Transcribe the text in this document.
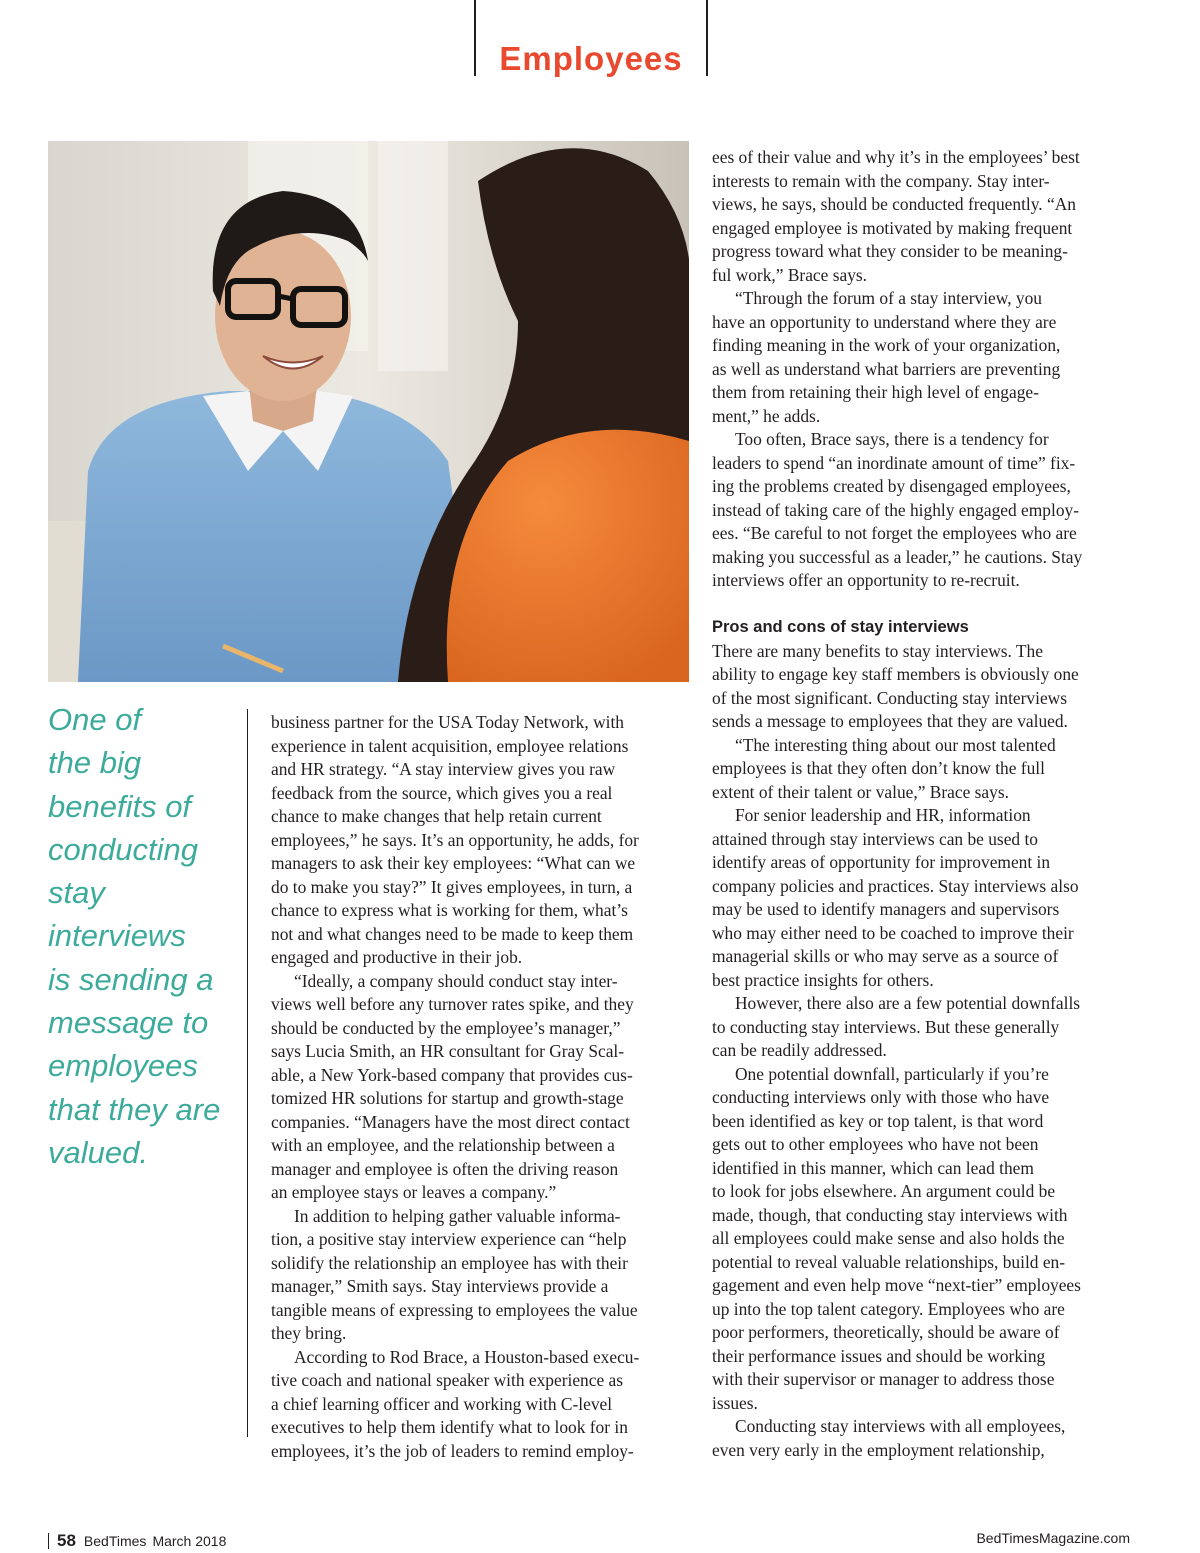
Employees
One of
the big
benefits of
conducting
stay
interviews
is sending a
message to
employees
that they are
valued.
business partner for the USA Today Network, with
experience in talent acquisition, employee relations
and HR strategy. “A stay interview gives you raw
feedback from the source, which gives you a real
chance to make changes that help retain current
employees,” he says. It’s an opportunity, he adds, for
managers to ask their key employees: “What can we
do to make you stay?” It gives employees, in turn, a
chance to express what is working for them, what’s
not and what changes need to be made to keep them
engaged and productive in their job.
“Ideally, a company should conduct stay inter-
views well before any turnover rates spike, and they
should be conducted by the employee’s manager,”
says Lucia Smith, an HR consultant for Gray Scal-
able, a New York-based company that provides cus-
tomized HR solutions for startup and growth-stage
companies. “Managers have the most direct contact
with an employee, and the relationship between a
manager and employee is often the driving reason
an employee stays or leaves a company.”
In addition to helping gather valuable informa-
tion, a positive stay interview experience can “help
solidify the relationship an employee has with their
manager,” Smith says. Stay interviews provide a
tangible means of expressing to employees the value
they bring.
According to Rod Brace, a Houston-based execu-
tive coach and national speaker with experience as
a chief learning officer and working with C-level
executives to help them identify what to look for in
employees, it’s the job of leaders to remind employ-
ees of their value and why it’s in the employees’ best
interests to remain with the company. Stay inter-
views, he says, should be conducted frequently. “An
engaged employee is motivated by making frequent
progress toward what they consider to be meaning-
ful work,” Brace says.
“Through the forum of a stay interview, you
have an opportunity to understand where they are
finding meaning in the work of your organization,
as well as understand what barriers are preventing
them from retaining their high level of engage-
ment,” he adds.
Too often, Brace says, there is a tendency for
leaders to spend “an inordinate amount of time” fix-
ing the problems created by disengaged employees,
instead of taking care of the highly engaged employ-
ees. “Be careful to not forget the employees who are
making you successful as a leader,” he cautions. Stay
interviews offer an opportunity to re-recruit.
Pros and cons of stay interviews
There are many benefits to stay interviews. The
ability to engage key staff members is obviously one
of the most significant. Conducting stay interviews
sends a message to employees that they are valued.
“The interesting thing about our most talented
employees is that they often don’t know the full
extent of their talent or value,” Brace says.
For senior leadership and HR, information
attained through stay interviews can be used to
identify areas of opportunity for improvement in
company policies and practices. Stay interviews also
may be used to identify managers and supervisors
who may either need to be coached to improve their
managerial skills or who may serve as a source of
best practice insights for others.
However, there also are a few potential downfalls
to conducting stay interviews. But these generally
can be readily addressed.
One potential downfall, particularly if you’re
conducting interviews only with those who have
been identified as key or top talent, is that word
gets out to other employees who have not been
identified in this manner, which can lead them
to look for jobs elsewhere. An argument could be
made, though, that conducting stay interviews with
all employees could make sense and also holds the
potential to reveal valuable relationships, build en-
gagement and even help move “next-tier” employees
up into the top talent category. Employees who are
poor performers, theoretically, should be aware of
their performance issues and should be working
with their supervisor or manager to address those
issues.
Conducting stay interviews with all employees,
even very early in the employment relationship,
58 BedTimes March 2018	BedTimesMagazine.com
